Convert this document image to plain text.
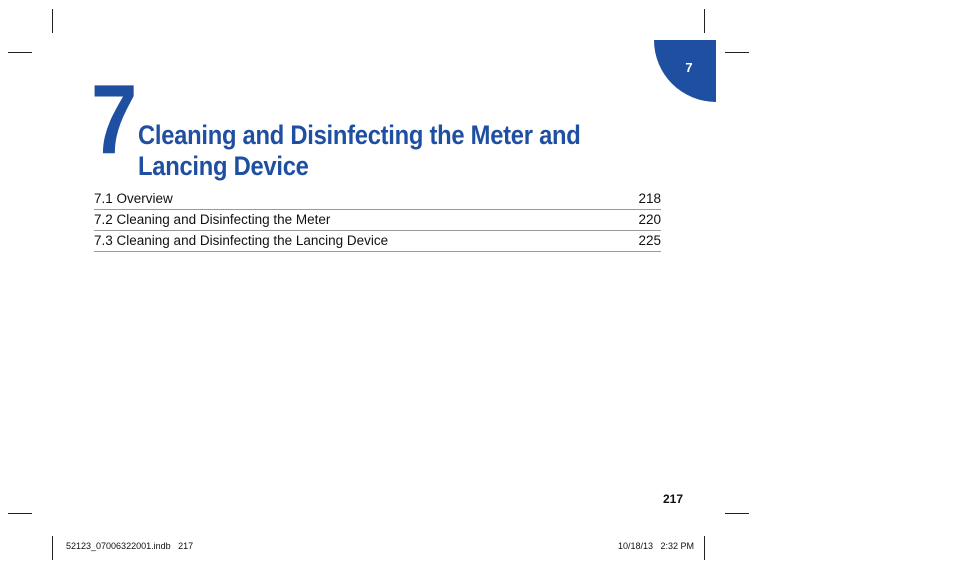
7
7 Cleaning and Disinfecting the Meter and
Lancing Device
7.1 Overview	218
7.2 Cleaning and Disinfecting the Meter	220
7.3 Cleaning and Disinfecting the Lancing Device	225
217
52123_07006322001.indb   217	10/18/13   2:32 PM
